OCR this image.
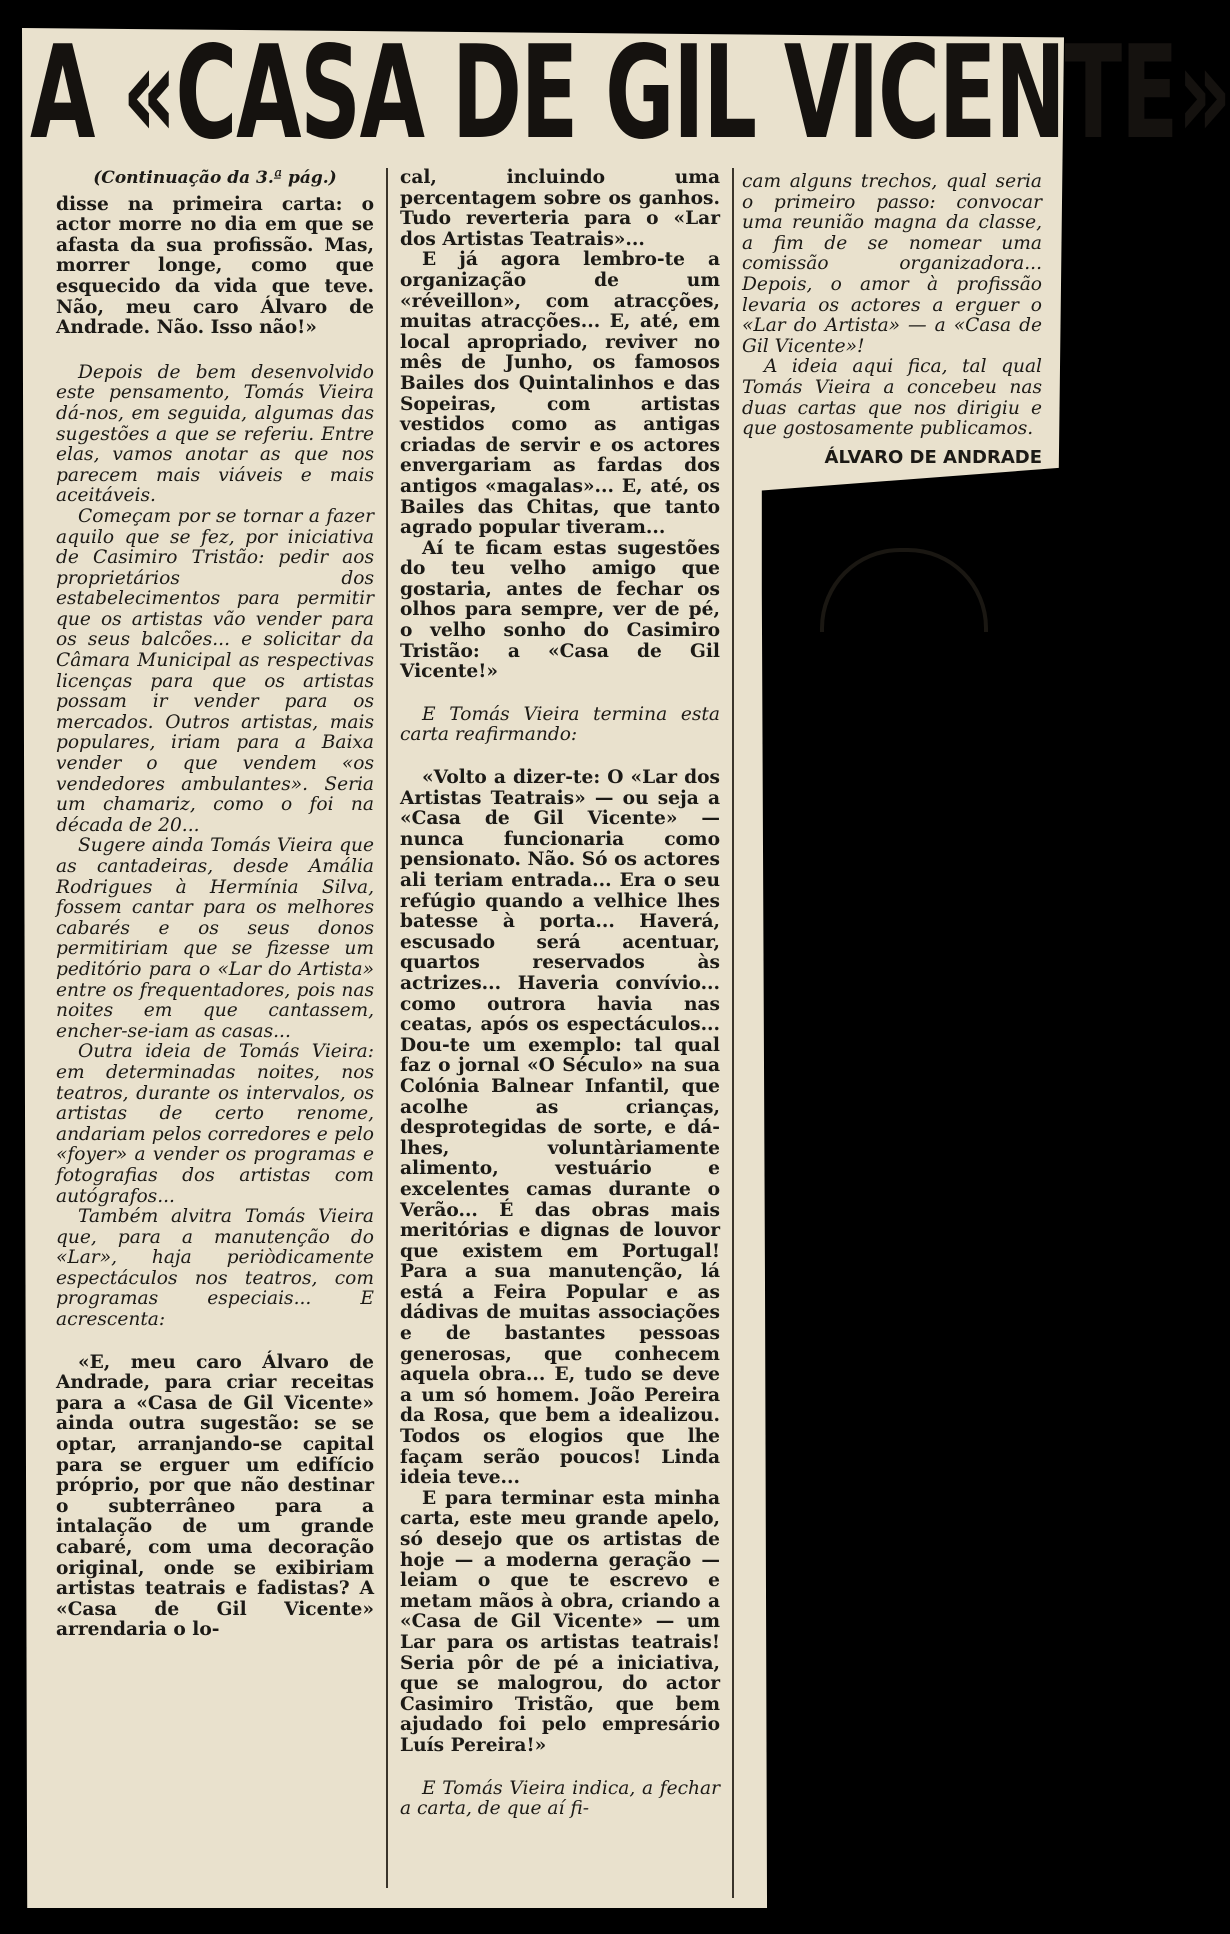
A «CASA DE GIL VICENTE»

(Continuação da 3.ª pág.)

disse na primeira carta: o actor morre no dia em que se afasta da sua profissão. Mas, morrer longe, como que esquecido da vida que teve. Não, meu caro Álvaro de Andrade. Não. Isso não!»

Depois de bem desenvolvido este pensamento, Tomás Vieira dá-nos, em seguida, algumas das sugestões a que se referiu. Entre elas, vamos anotar as que nos parecem mais viáveis e mais aceitáveis.

Começam por se tornar a fazer aquilo que se fez, por iniciativa de Casimiro Tristão: pedir aos proprietários dos estabelecimentos para permitir que os artistas vão vender para os seus balcões... e solicitar da Câmara Municipal as respectivas licenças para que os artistas possam ir vender para os mercados. Outros artistas, mais populares, iriam para a Baixa vender o que vendem «os vendedores ambulantes». Seria um chamariz, como o foi na década de 20...

Sugere ainda Tomás Vieira que as cantadeiras, desde Amália Rodrigues à Hermínia Silva, fossem cantar para os melhores cabarés e os seus donos permitiriam que se fizesse um peditório para o «Lar do Artista» entre os frequentadores, pois nas noites em que cantassem, encher-se-iam as casas...

Outra ideia de Tomás Vieira: em determinadas noites, nos teatros, durante os intervalos, os artistas de certo renome, andariam pelos corredores e pelo «foyer» a vender os programas e fotografias dos artistas com autógrafos...

Também alvitra Tomás Vieira que, para a manutenção do «Lar», haja periòdicamente espectáculos nos teatros, com programas especiais... E acrescenta:

«E, meu caro Álvaro de Andrade, para criar receitas para a «Casa de Gil Vicente» ainda outra sugestão: se se optar, arranjando-se capital para se erguer um edifício próprio, por que não destinar o subterrâneo para a intalação de um grande cabaré, com uma decoração original, onde se exibiriam artistas teatrais e fadistas? A «Casa de Gil Vicente» arrendaria o lo-

cal, incluindo uma percentagem sobre os ganhos. Tudo reverteria para o «Lar dos Artistas Teatrais»...

E já agora lembro-te a organização de um «réveillon», com atracções, muitas atracções... E, até, em local apropriado, reviver no mês de Junho, os famosos Bailes dos Quintalinhos e das Sopeiras, com artistas vestidos como as antigas criadas de servir e os actores envergariam as fardas dos antigos «magalas»... E, até, os Bailes das Chitas, que tanto agrado popular tiveram...

Aí te ficam estas sugestões do teu velho amigo que gostaria, antes de fechar os olhos para sempre, ver de pé, o velho sonho do Casimiro Tristão: a «Casa de Gil Vicente!»

E Tomás Vieira termina esta carta reafirmando:

«Volto a dizer-te: O «Lar dos Artistas Teatrais» — ou seja a «Casa de Gil Vicente» — nunca funcionaria como pensionato. Não. Só os actores ali teriam entrada... Era o seu refúgio quando a velhice lhes batesse à porta... Haverá, escusado será acentuar, quartos reservados às actrizes... Haveria convívio... como outrora havia nas ceatas, após os espectáculos... Dou-te um exemplo: tal qual faz o jornal «O Século» na sua Colónia Balnear Infantil, que acolhe as crianças, desprotegidas de sorte, e dá-lhes, voluntàriamente alimento, vestuário e excelentes camas durante o Verão... É das obras mais meritórias e dignas de louvor que existem em Portugal! Para a sua manutenção, lá está a Feira Popular e as dádivas de muitas associações e de bastantes pessoas generosas, que conhecem aquela obra... E, tudo se deve a um só homem. João Pereira da Rosa, que bem a idealizou. Todos os elogios que lhe façam serão poucos! Linda ideia teve...

E para terminar esta minha carta, este meu grande apelo, só desejo que os artistas de hoje — a moderna geração — leiam o que te escrevo e metam mãos à obra, criando a «Casa de Gil Vicente» — um Lar para os artistas teatrais! Seria pôr de pé a iniciativa, que se malogrou, do actor Casimiro Tristão, que bem ajudado foi pelo empresário Luís Pereira!»

E Tomás Vieira indica, a fechar a carta, de que aí fi-

cam alguns trechos, qual seria o primeiro passo: convocar uma reunião magna da classe, a fim de se nomear uma comissão organizadora... Depois, o amor à profissão levaria os actores a erguer o «Lar do Artista» — a «Casa de Gil Vicente»!

A ideia aqui fica, tal qual Tomás Vieira a concebeu nas duas cartas que nos dirigiu e que gostosamente publicamos.

ÁLVARO DE ANDRADE
